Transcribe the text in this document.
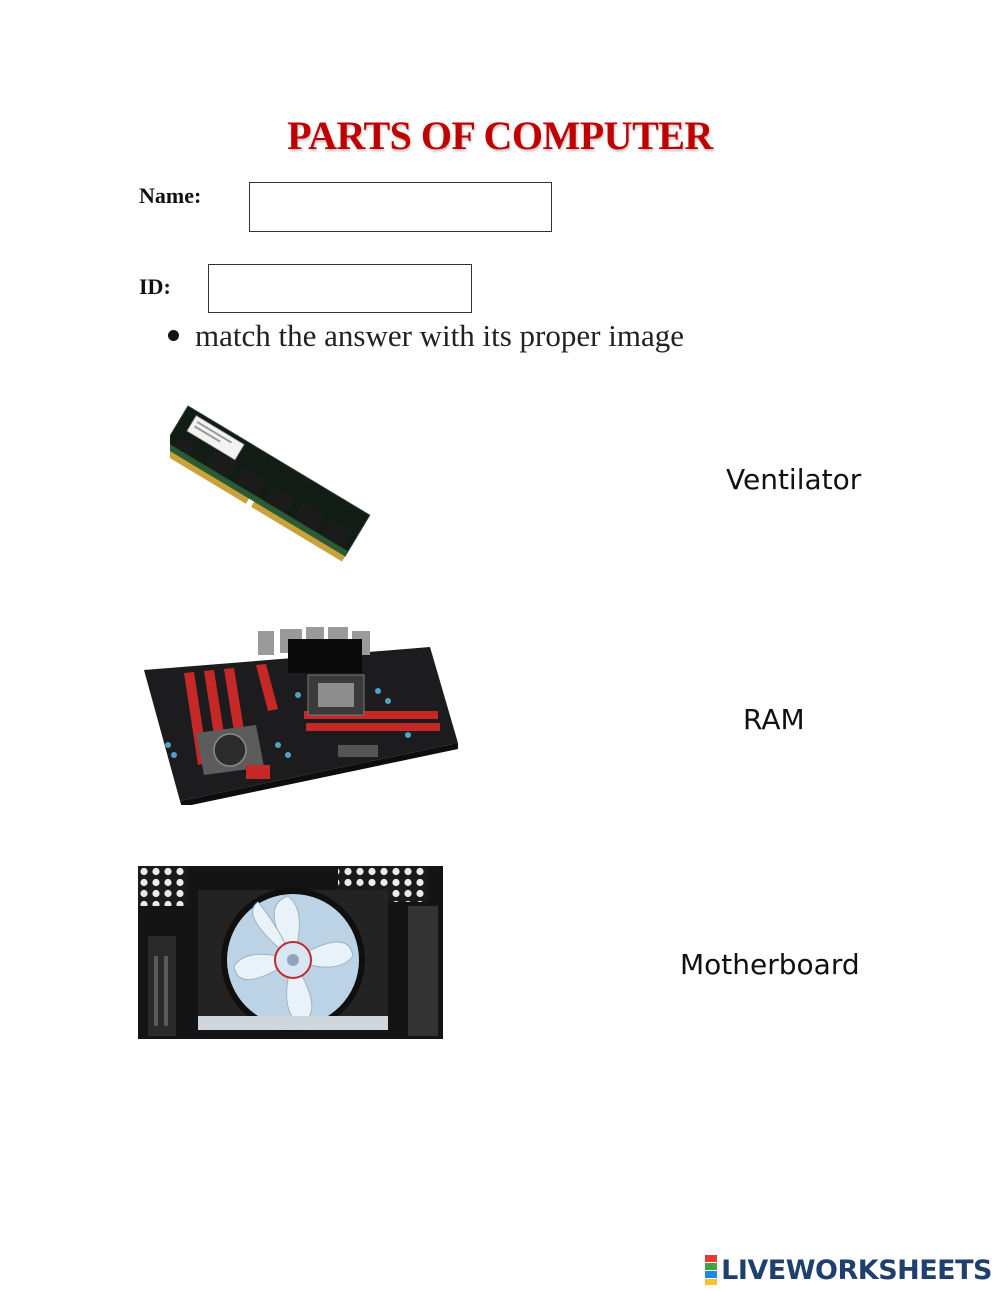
PARTS OF COMPUTER
Name:
ID:
match the answer with its proper image
Ventilator
RAM
Motherboard
LIVEWORKSHEETS
